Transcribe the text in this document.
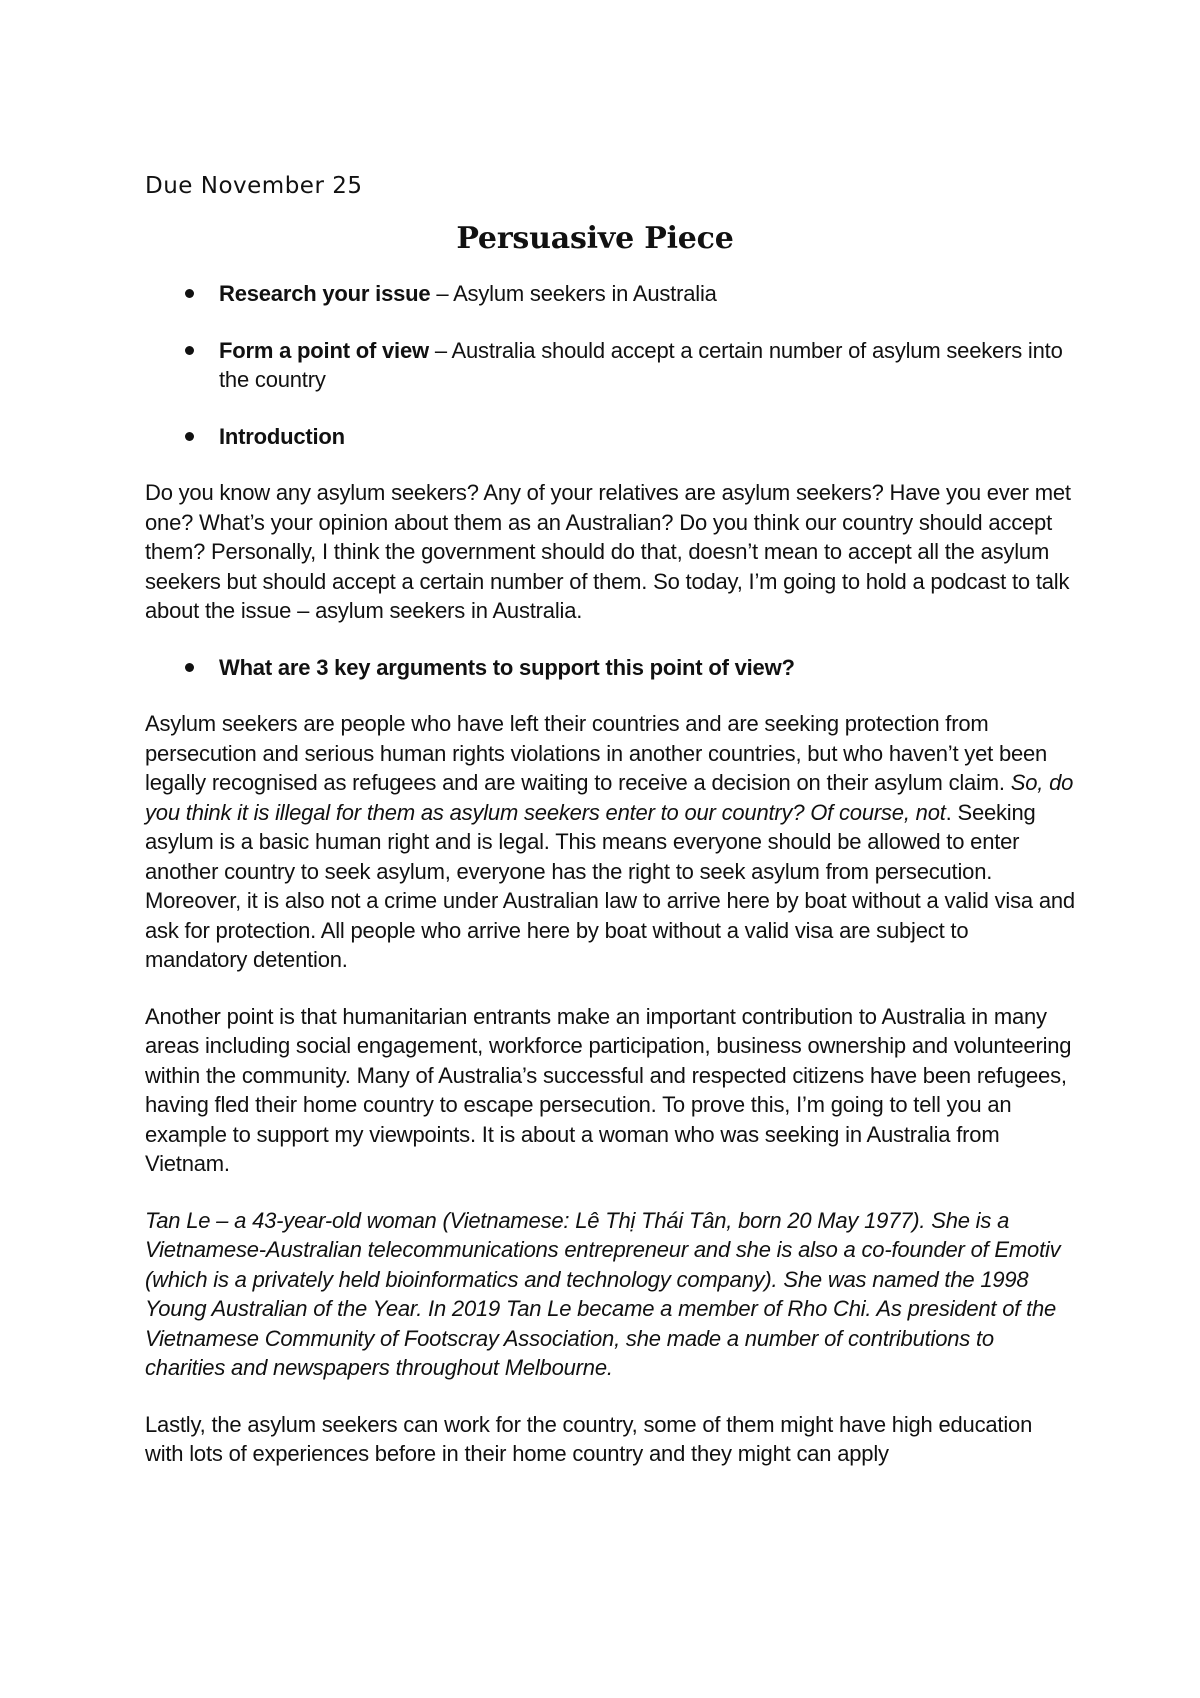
Due November 25
Persuasive Piece
Research your issue – Asylum seekers in Australia
Form a point of view – Australia should accept a certain number of asylum seekers into the country
Introduction

Do you know any asylum seekers? Any of your relatives are asylum seekers? Have you ever met one? What’s your opinion about them as an Australian? Do you think our country should accept them? Personally, I think the government should do that, doesn’t mean to accept all the asylum seekers but should accept a certain number of them. So today, I’m going to hold a podcast to talk about the issue – asylum seekers in Australia.

What are 3 key arguments to support this point of view?

Asylum seekers are people who have left their countries and are seeking protection from persecution and serious human rights violations in another countries, but who haven’t yet been legally recognised as refugees and are waiting to receive a decision on their asylum claim. So, do you think it is illegal for them as asylum seekers enter to our country? Of course, not. Seeking asylum is a basic human right and is legal. This means everyone should be allowed to enter another country to seek asylum, everyone has the right to seek asylum from persecution. Moreover, it is also not a crime under Australian law to arrive here by boat without a valid visa and ask for protection. All people who arrive here by boat without a valid visa are subject to mandatory detention.

Another point is that humanitarian entrants make an important contribution to Australia in many areas including social engagement, workforce participation, business ownership and volunteering within the community. Many of Australia’s successful and respected citizens have been refugees, having fled their home country to escape persecution. To prove this, I’m going to tell you an example to support my viewpoints. It is about a woman who was seeking in Australia from Vietnam.

Tan Le – a 43-year-old woman (Vietnamese: Lê Thị Thái Tân, born 20 May 1977). She is a Vietnamese-Australian telecommunications entrepreneur and she is also a co-founder of Emotiv (which is a privately held bioinformatics and technology company). She was named the 1998 Young Australian of the Year. In 2019 Tan Le became a member of Rho Chi. As president of the Vietnamese Community of Footscray Association, she made a number of contributions to charities and newspapers throughout Melbourne.

Lastly, the asylum seekers can work for the country, some of them might have high education with lots of experiences before in their home country and they might can apply
